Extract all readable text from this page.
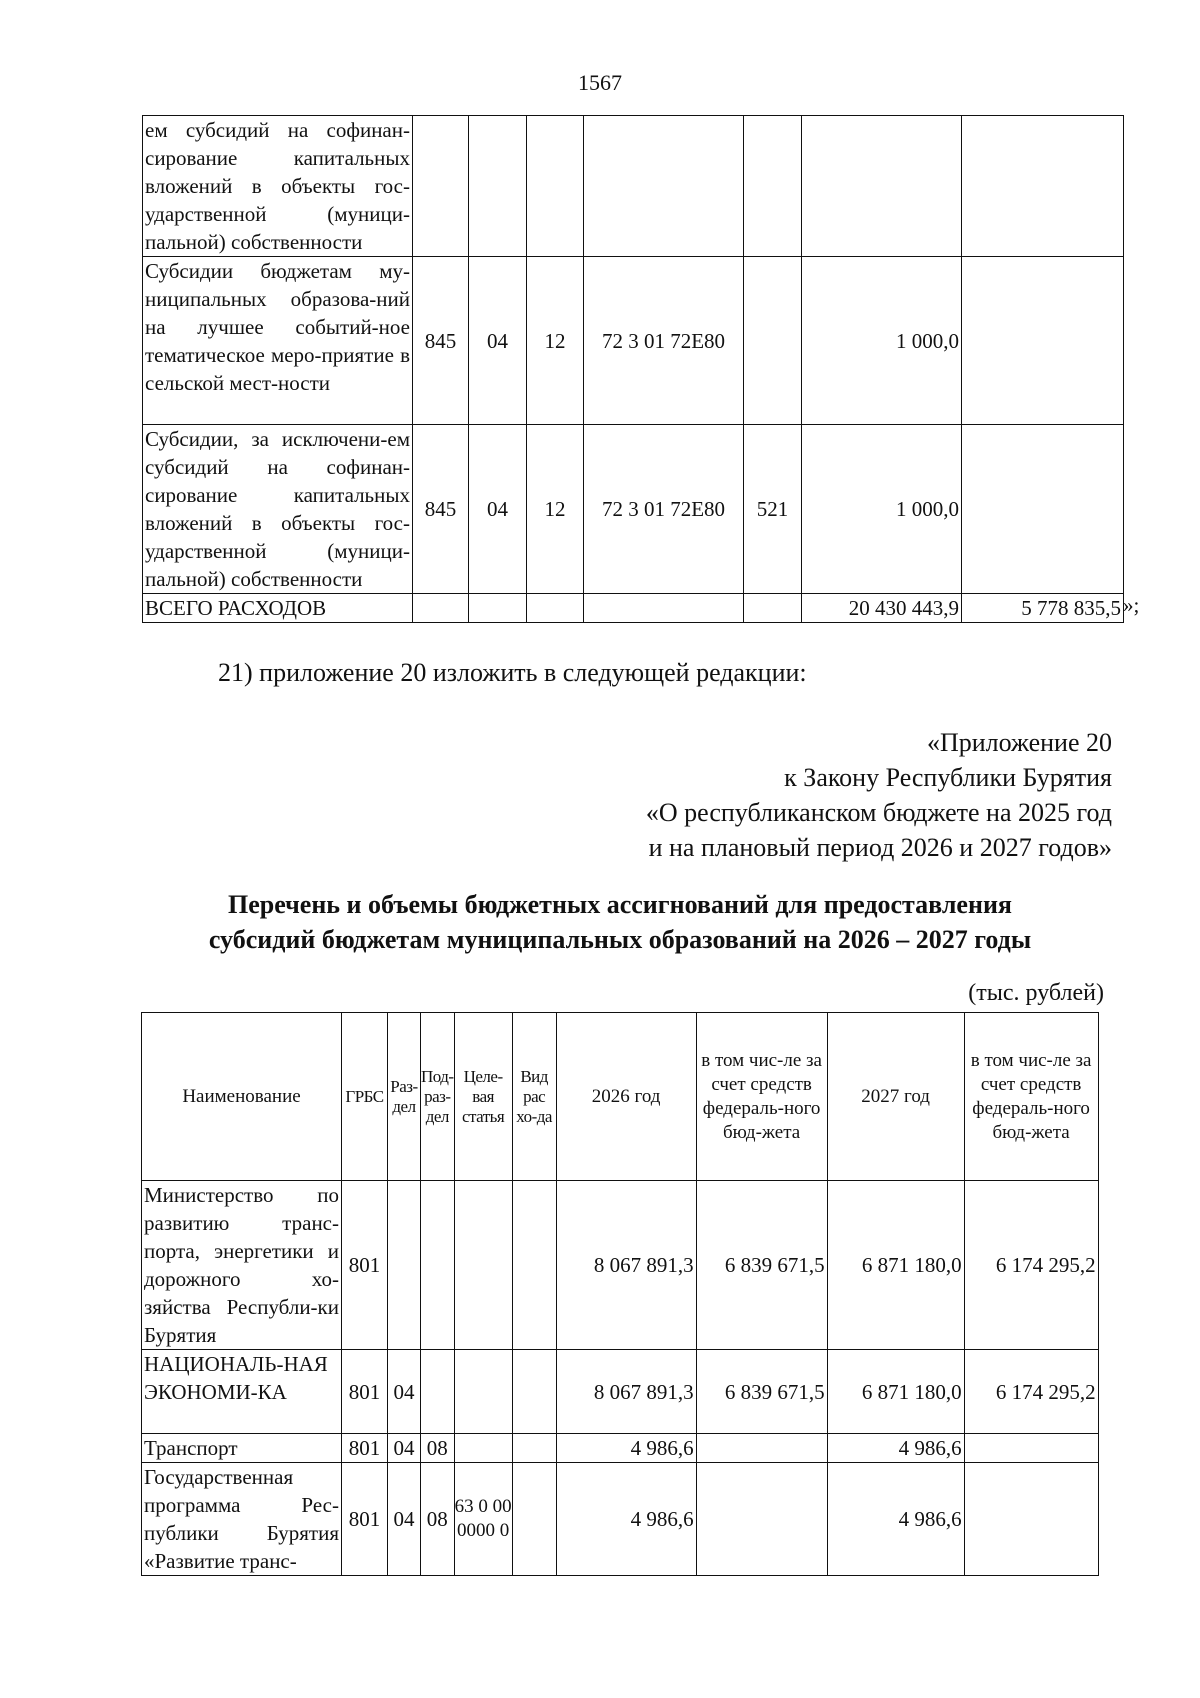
1567
ем субсидий на софинан-сирование капитальных вложений в объекты гос-ударственной (муници-пальной) собственности							
Субсидии бюджетам му-ниципальных образова-ний на лучшее событий-ное тематическое меро-приятие в сельской мест-ности	845	04	12	72 3 01 72Е80		1 000,0	
Субсидии, за исключени-ем субсидий на софинан-сирование капитальных вложений в объекты гос-ударственной (муници-пальной) собственности	845	04	12	72 3 01 72Е80	521	1 000,0	
ВСЕГО РАСХОДОВ						20 430 443,9	5 778 835,5 »;
21) приложение 20 изложить в следующей редакции:
«Приложение 20
к Закону Республики Бурятия
«О республиканском бюджете на 2025 год
и на плановый период 2026 и 2027 годов»
Перечень и объемы бюджетных ассигнований для предоставления
субсидий бюджетам муниципальных образований на 2026 – 2027 годы
(тыс. рублей)
Наименование	ГРБС	Раз-дел	Под-раз-дел	Целе-вая статья	Вид рас хо-да	2026 год	в том чис-ле за счет средств федераль-ного бюд-жета	2027 год	в том чис-ле за счет средств федераль-ного бюд-жета
Министерство по развитию транс-порта, энергетики и дорожного хо-зяйства Республи-ки Бурятия	801					8 067 891,3	6 839 671,5	6 871 180,0	6 174 295,2
НАЦИОНАЛЬ-НАЯ ЭКОНОМИ-КА	801	04				8 067 891,3	6 839 671,5	6 871 180,0	6 174 295,2
Транспорт	801	04	08			4 986,6		4 986,6	
Государственная программа Рес-публики Бурятия «Развитие транс-	801	04	08	63 0 00 0000 0		4 986,6		4 986,6	
